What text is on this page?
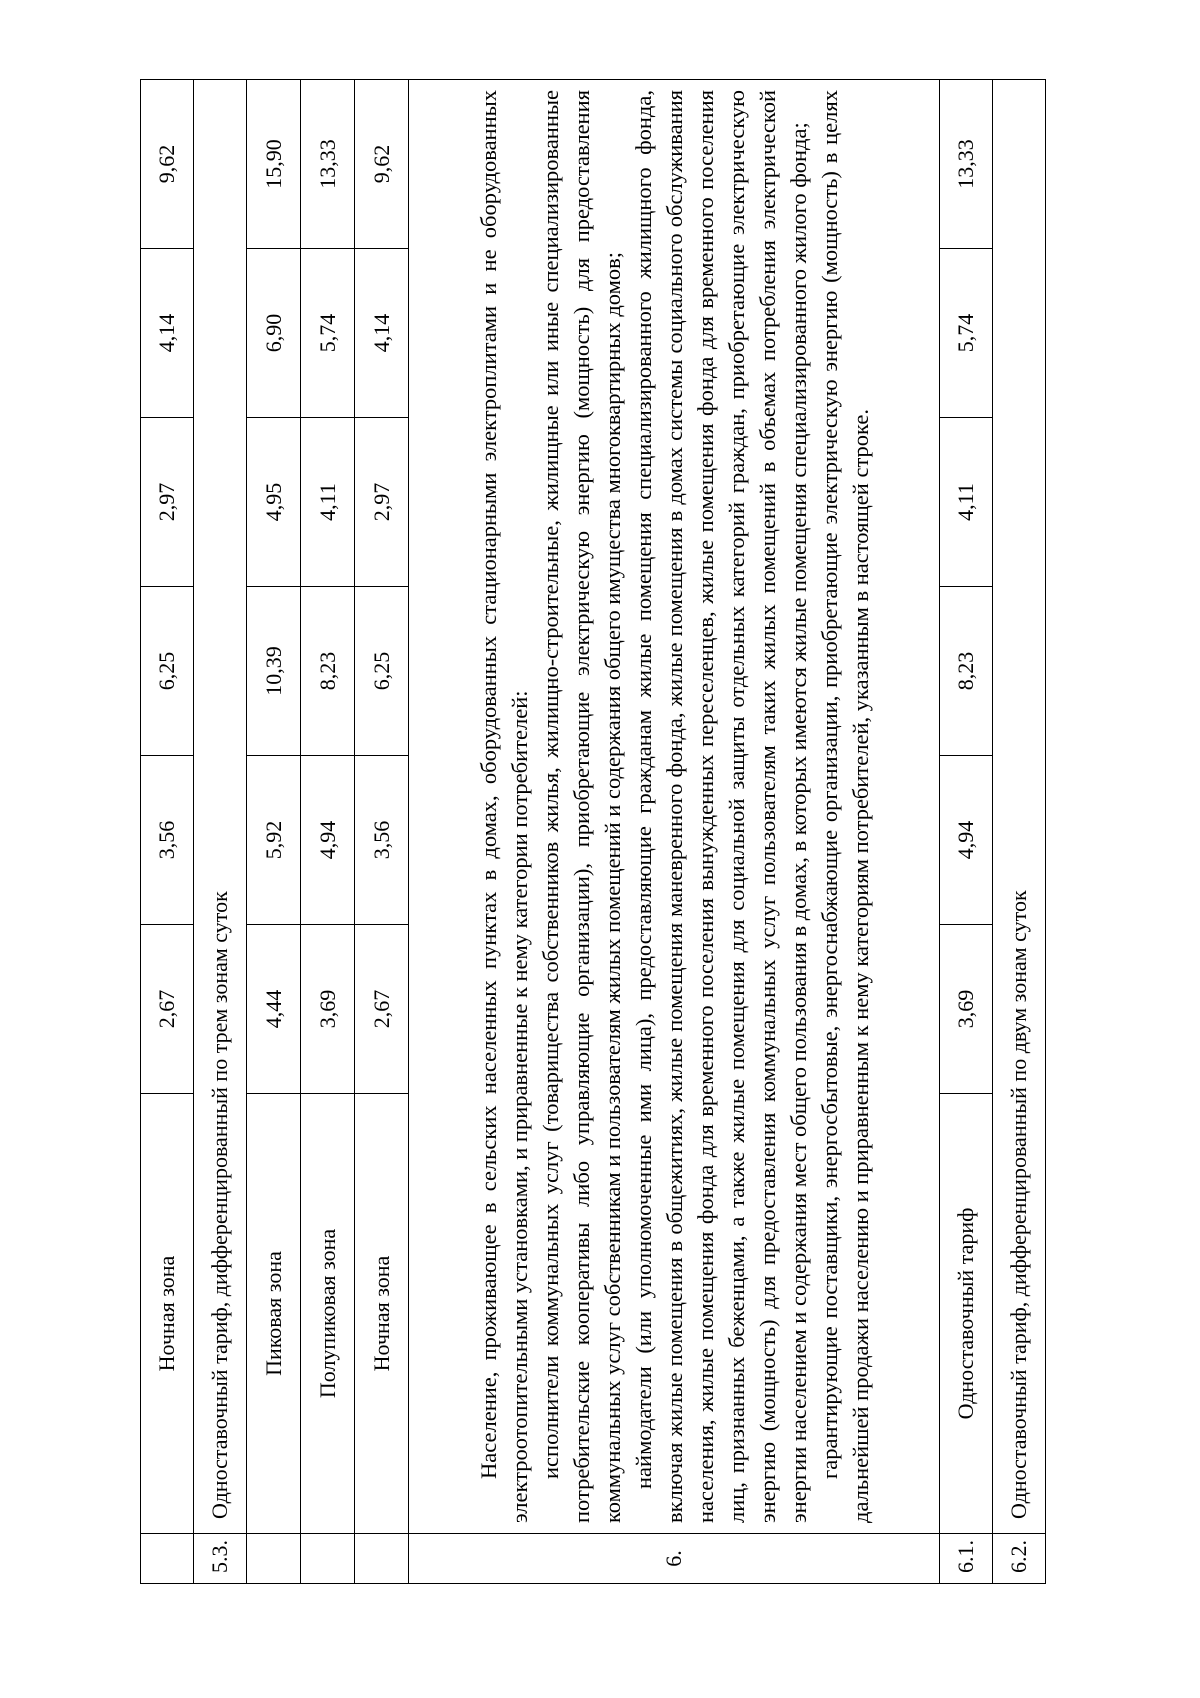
	Ночная зона	2,67	3,56	6,25	2,97	4,14	9,62
5.3.	Одноставочный тариф, дифференцированный по трем зонам суток						
	Пиковая зона	4,44	5,92	10,39	4,95	6,90	15,90
	Полупиковая зона	3,69	4,94	8,23	4,11	5,74	13,33
	Ночная зона	2,67	3,56	6,25	2,97	4,14	9,62
6.	Население, проживающее в сельских населенных пунктах в домах, оборудованных стационарными электроплитами и не оборудованных электроотопительными установками, и приравненные к нему категории потребителей: исполнители коммунальных услуг (товарищества собственников жилья, жилищно-строительные, жилищные или иные специализированные потребительские кооперативы либо управляющие организации), приобретающие электрическую энергию (мощность) для предоставления коммунальных услуг собственникам и пользователям жилых помещений и содержания общего имущества многоквартирных домов; наймодатели (или уполномоченные ими лица), предоставляющие гражданам жилые помещения специализированного жилищного фонда, включая жилые помещения в общежитиях, жилые помещения маневренного фонда, жилые помещения в домах системы социального обслуживания населения, жилые помещения фонда для временного поселения вынужденных переселенцев, жилые помещения фонда для временного поселения лиц, признанных беженцами, а также жилые помещения для социальной защиты отдельных категорий граждан, приобретающие электрическую энергию (мощность) для предоставления коммунальных услуг пользователям таких жилых помещений в объемах потребления электрической энергии населением и содержания мест общего пользования в домах, в которых имеются жилые помещения специализированного жилого фонда; гарантирующие поставщики, энергосбытовые, энергоснабжающие организации, приобретающие электрическую энергию (мощность) в целях дальнейшей продажи населению и приравненным к нему категориям потребителей, указанным в настоящей строке.						

6.1.	Одноставочный тариф	3,69	4,94	8,23	4,11	5,74	13,33
6.2.	Одноставочный тариф, дифференцированный по двум зонам суток						
